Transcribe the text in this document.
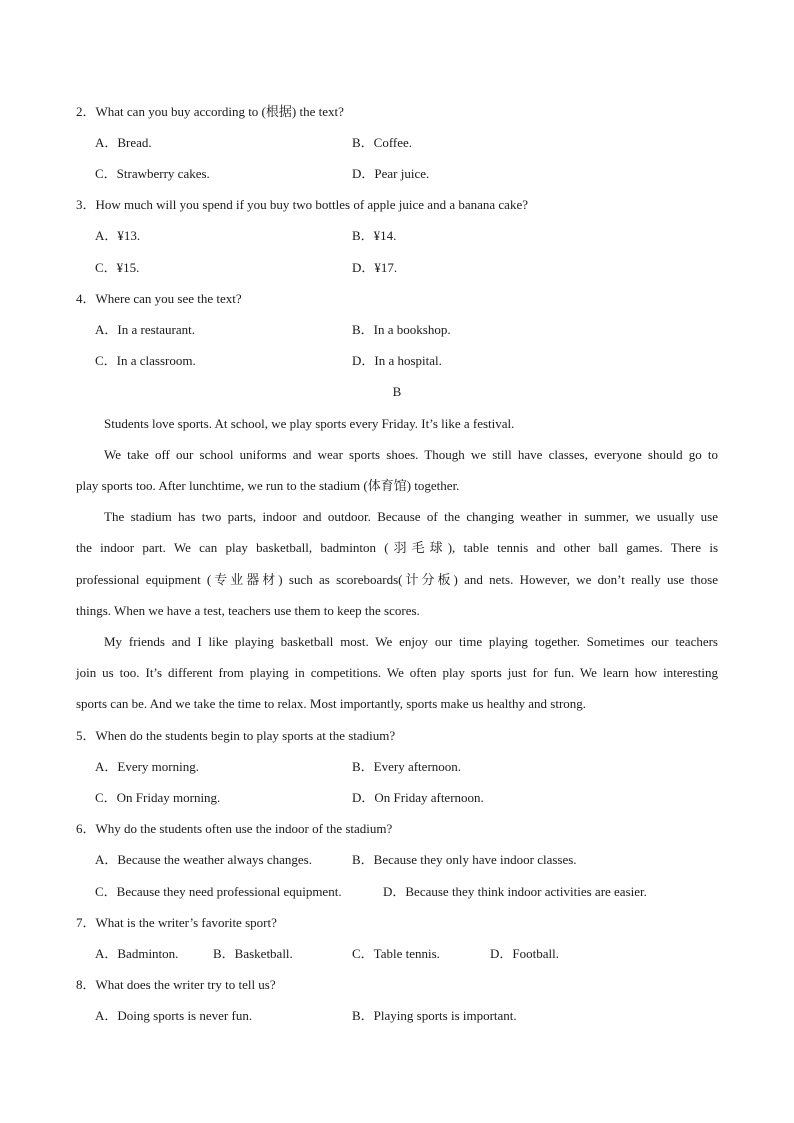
2．What can you buy according to (根据) the text?
A．Bread.	B．Coffee.
C．Strawberry cakes.	D．Pear juice.
3．How much will you spend if you buy two bottles of apple juice and a banana cake?
A．¥13.	B．¥14.
C．¥15.	D．¥17.
4．Where can you see the text?
A．In a restaurant.	B．In a bookshop.
C．In a classroom.	D．In a hospital.
B
Students love sports. At school, we play sports every Friday. It’s like a festival.
We take off our school uniforms and wear sports shoes. Though we still have classes, everyone should go to
play sports too. After lunchtime, we run to the stadium (体育馆) together.
The stadium has two parts, indoor and outdoor. Because of the changing weather in summer, we usually use
the indoor part. We can play basketball, badminton (羽毛球), table tennis and other ball games. There is
professional equipment (专业器材) such as scoreboards(计分板) and nets. However, we don’t really use those
things. When we have a test, teachers use them to keep the scores.
My friends and I like playing basketball most. We enjoy our time playing together. Sometimes our teachers
join us too. It’s different from playing in competitions. We often play sports just for fun. We learn how interesting
sports can be. And we take the time to relax. Most importantly, sports make us healthy and strong.
5．When do the students begin to play sports at the stadium?
A．Every morning.	B．Every afternoon.
C．On Friday morning.	D．On Friday afternoon.
6．Why do the students often use the indoor of the stadium?
A．Because the weather always changes.	B．Because they only have indoor classes.
C．Because they need professional equipment.	D．Because they think indoor activities are easier.
7．What is the writer’s favorite sport?
A．Badminton.	B．Basketball.	C．Table tennis.	D．Football.
8．What does the writer try to tell us?
A．Doing sports is never fun.	B．Playing sports is important.
